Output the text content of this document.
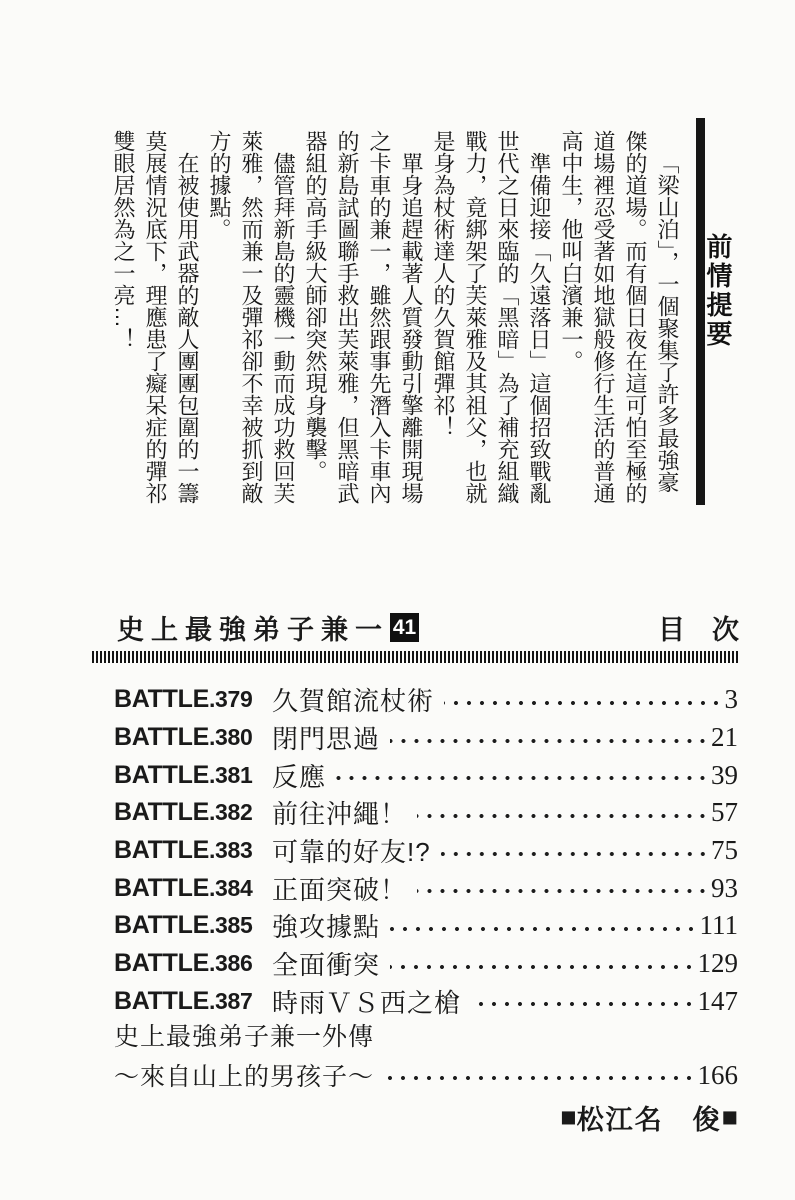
「梁山泊」，一個聚集了許多最強豪傑的道場。而有個日夜在這可怕至極的道場裡忍受著如地獄般修行生活的普通高中生，他叫白濱兼一。

準備迎接「久遠落日」這個招致戰亂世代之日來臨的「黑暗」為了補充組織戰力，竟綁架了芙萊雅及其祖父，也就是身為杖術達人的久賀館彈祁！

單身追趕載著人質發動引擎離開現場之卡車的兼一，雖然跟事先潛入卡車內的新島試圖聯手救出芙萊雅，但黑暗武器組的高手級大師卻突然現身襲擊。

儘管拜新島的靈機一動而成功救回芙萊雅，然而兼一及彈祁卻不幸被抓到敵方的據點。

在被使用武器的敵人團團包圍的一籌莫展情況底下，理應患了癡呆症的彈祁雙眼居然為之一亮…！	前情提要
史上最強弟子兼一 41	目　次
BATTLE.379 久賀館流杖術	3
BATTLE.380 閉門思過	21
BATTLE.381 反應	39
BATTLE.382 前往沖繩！	57
BATTLE.383 可靠的好友!?	75
BATTLE.384 正面突破！	93
BATTLE.385 強攻據點	111
BATTLE.386 全面衝突	129
BATTLE.387 時雨ＶＳ西之槍	147
史上最強弟子兼一外傳
～來自山上的男孩子～	166
■ 松江名　俊 ■
